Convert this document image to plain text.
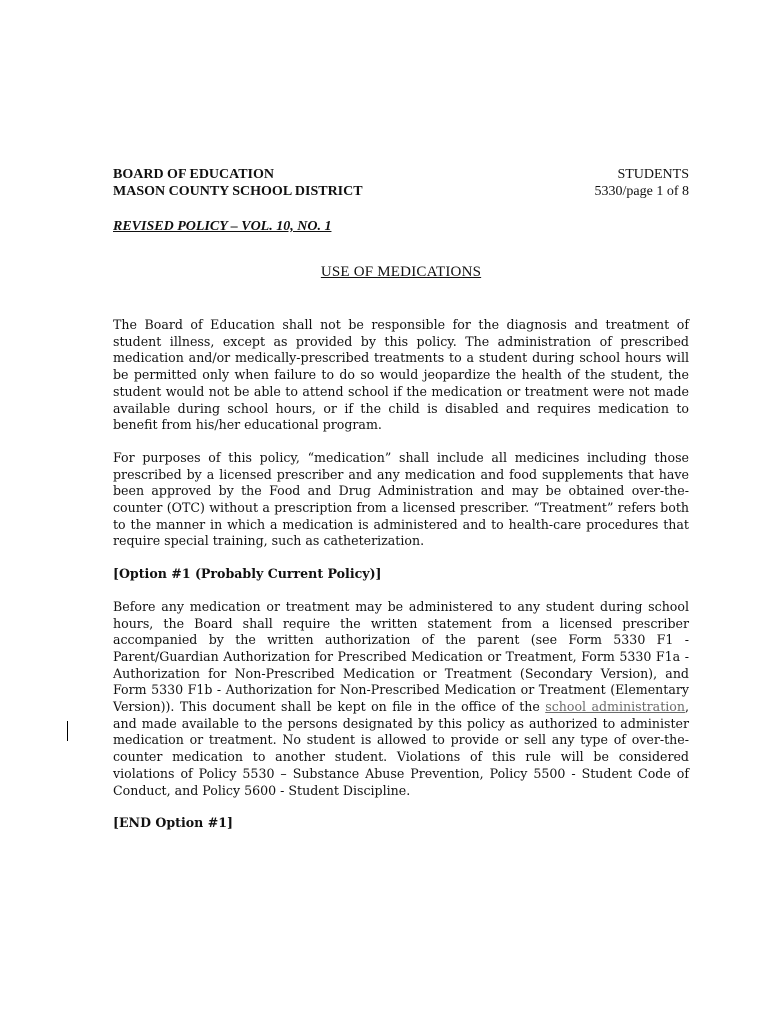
BOARD OF EDUCATION
MASON COUNTY SCHOOL DISTRICT
STUDENTS
5330/page 1 of 8
REVISED POLICY – VOL. 10, NO. 1
USE OF MEDICATIONS

The Board of Education shall not be responsible for the diagnosis and treatment of student illness, except as provided by this policy. The administration of prescribed medication and/or medically-prescribed treatments to a student during school hours will be permitted only when failure to do so would jeopardize the health of the student, the student would not be able to attend school if the medication or treatment were not made available during school hours, or if the child is disabled and requires medication to benefit from his/her educational program.

For purposes of this policy, “medication” shall include all medicines including those prescribed by a licensed prescriber and any medication and food supplements that have been approved by the Food and Drug Administration and may be obtained over-the-counter (OTC) without a prescription from a licensed prescriber. “Treatment” refers both to the manner in which a medication is administered and to health-care procedures that require special training, such as catheterization.

[Option #1 (Probably Current Policy)]

Before any medication or treatment may be administered to any student during school hours, the Board shall require the written statement from a licensed prescriber accompanied by the written authorization of the parent (see Form 5330 F1 - Parent/Guardian Authorization for Prescribed Medication or Treatment, Form 5330 F1a - Authorization for Non-Prescribed Medication or Treatment (Secondary Version), and Form 5330 F1b - Authorization for Non-Prescribed Medication or Treatment (Elementary Version)). This document shall be kept on file in the office of the school administration, and made available to the persons designated by this policy as authorized to administer medication or treatment. No student is allowed to provide or sell any type of over-the-counter medication to another student. Violations of this rule will be considered violations of Policy 5530 – Substance Abuse Prevention, Policy 5500 - Student Code of Conduct, and Policy 5600 - Student Discipline.

[END Option #1]
